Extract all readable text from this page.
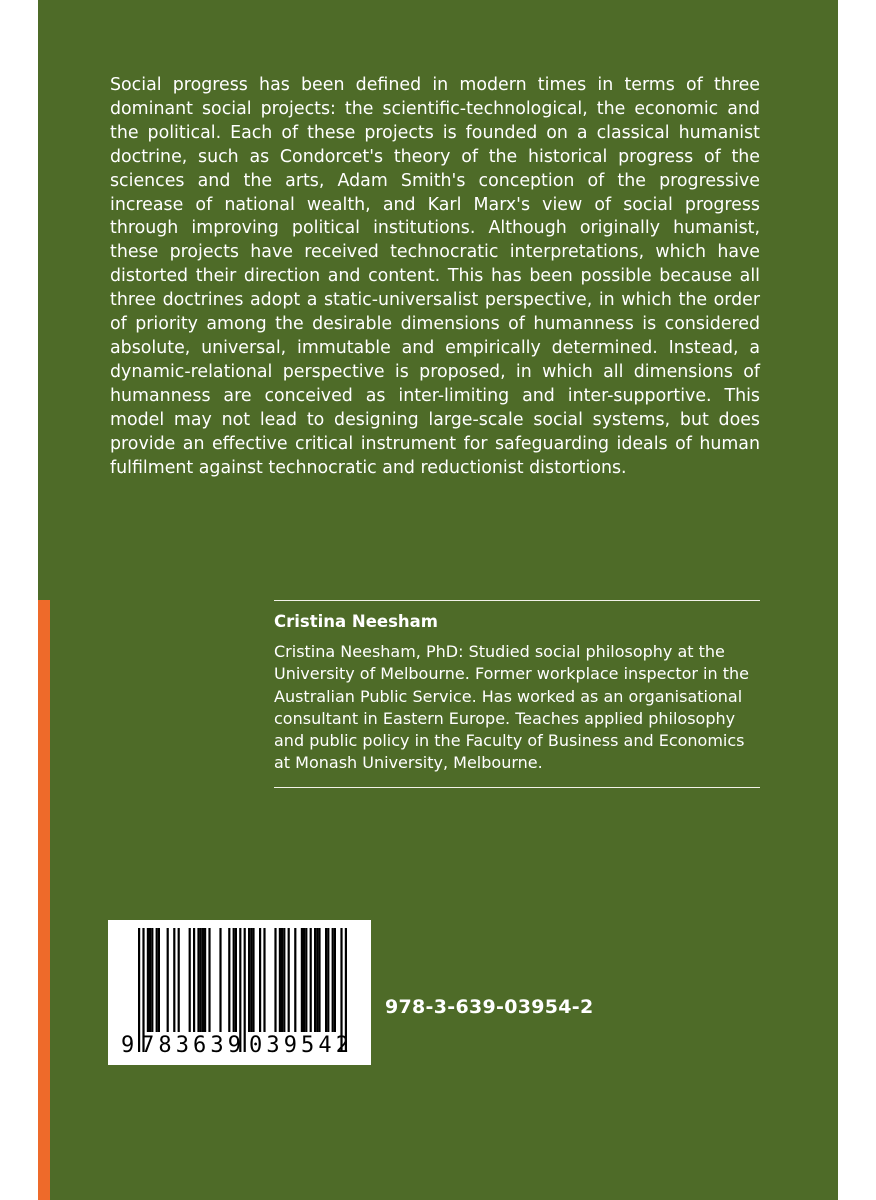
Social progress has been defined in modern times in terms of three dominant social projects: the scientific-technological, the economic and the political. Each of these projects is founded on a classical humanist doctrine, such as Condorcet's theory of the historical progress of the sciences and the arts, Adam Smith's conception of the progressive increase of national wealth, and Karl Marx's view of social progress through improving political institutions. Although originally humanist, these projects have received technocratic interpretations, which have distorted their direction and content. This has been possible because all three doctrines adopt a static-universalist perspective, in which the order of priority among the desirable dimensions of humanness is considered absolute, universal, immutable and empirically determined. Instead, a dynamic-relational perspective is proposed, in which all dimensions of humanness are conceived as inter-limiting and inter-supportive. This model may not lead to designing large-scale social systems, but does provide an effective critical instrument for safeguarding ideals of human fulfilment against technocratic and reductionist distortions.

Cristina Neesham

Cristina Neesham, PhD: Studied social philosophy at the University of Melbourne. Former workplace inspector in the Australian Public Service. Has worked as an organisational consultant in Eastern Europe. Teaches applied philosophy and public policy in the Faculty of Business and Economics at Monash University, Melbourne.

9 783639 039542
978-3-639-03954-2
